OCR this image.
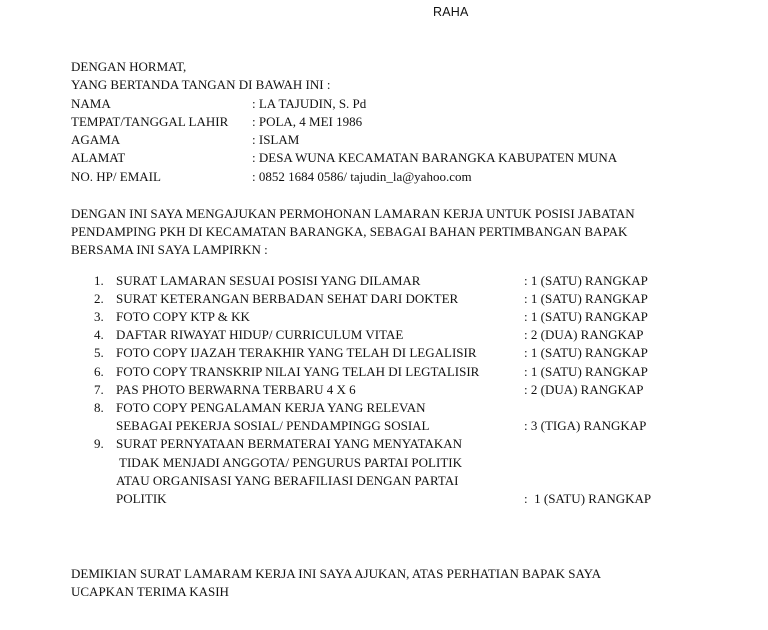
RAHA
DENGAN HORMAT,
YANG BERTANDA TANGAN DI BAWAH INI :
NAMA	: LA TAJUDIN, S. Pd
TEMPAT/TANGGAL LAHIR : POLA, 4 MEI 1986
AGAMA	: ISLAM
ALAMAT	: DESA WUNA KECAMATAN BARANGKA KABUPATEN MUNA
NO. HP/ EMAIL	: 0852 1684 0586/ tajudin_la@yahoo.com
DENGAN INI SAYA MENGAJUKAN PERMOHONAN LAMARAN KERJA UNTUK POSISI JABATAN
PENDAMPING PKH DI KECAMATAN BARANGKA, SEBAGAI BAHAN PERTIMBANGAN BAPAK
BERSAMA INI SAYA LAMPIRKN :
1. SURAT LAMARAN SESUAI POSISI YANG DILAMAR	: 1 (SATU) RANGKAP
2. SURAT KETERANGAN BERBADAN SEHAT DARI DOKTER	: 1 (SATU) RANGKAP
3. FOTO COPY KTP & KK	: 1 (SATU) RANGKAP
4. DAFTAR RIWAYAT HIDUP/ CURRICULUM VITAE	: 2 (DUA) RANGKAP
5. FOTO COPY IJAZAH TERAKHIR YANG TELAH DI LEGALISIR	: 1 (SATU) RANGKAP
6. FOTO COPY TRANSKRIP NILAI YANG TELAH DI LEGTALISIR	: 1 (SATU) RANGKAP
7. PAS PHOTO BERWARNA TERBARU 4 X 6	: 2 (DUA) RANGKAP
8. FOTO COPY PENGALAMAN KERJA YANG RELEVAN
SEBAGAI PEKERJA SOSIAL/ PENDAMPINGG SOSIAL	: 3 (TIGA) RANGKAP
9. SURAT PERNYATAAN BERMATERAI YANG MENYATAKAN
TIDAK MENJADI ANGGOTA/ PENGURUS PARTAI POLITIK
ATAU ORGANISASI YANG BERAFILIASI DENGAN PARTAI
POLITIK	:  1 (SATU) RANGKAP
DEMIKIAN SURAT LAMARAM KERJA INI SAYA AJUKAN, ATAS PERHATIAN BAPAK SAYA
UCAPKAN TERIMA KASIH
